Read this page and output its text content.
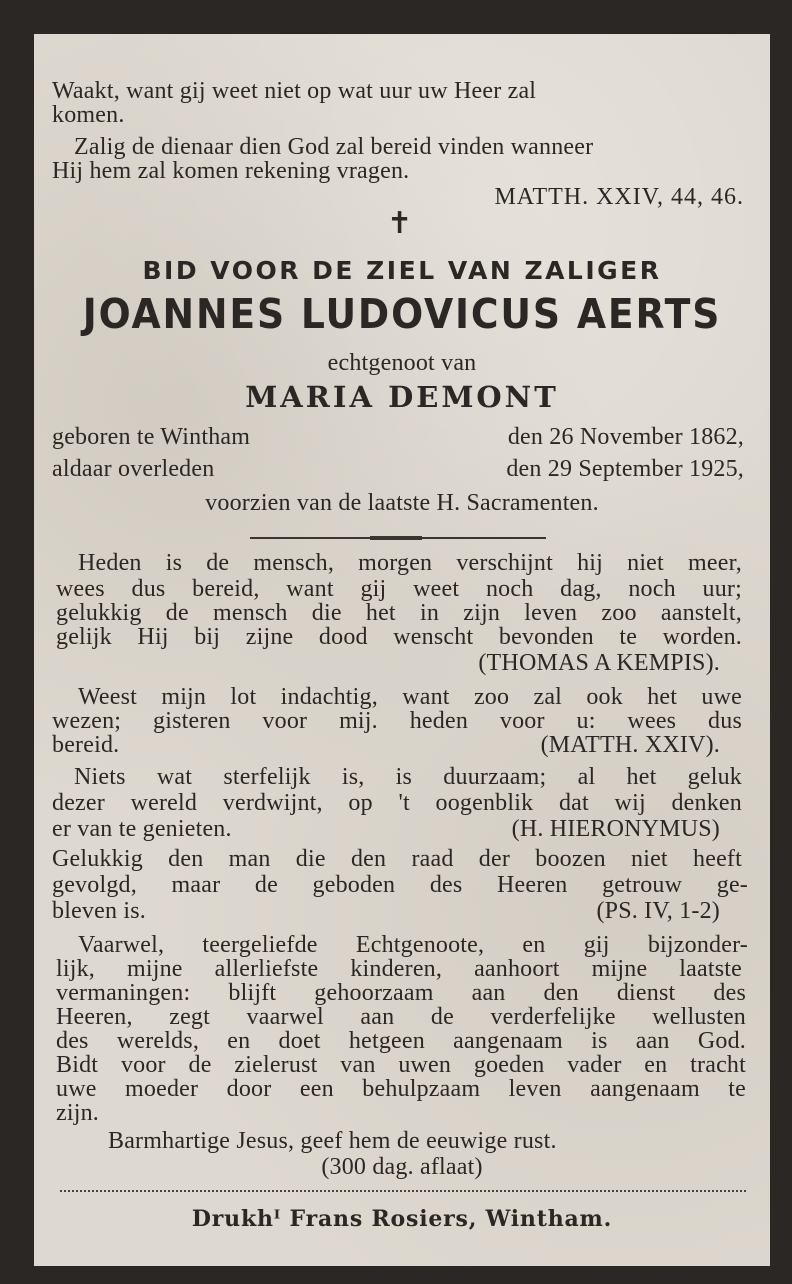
Waakt, want gij weet niet op wat uur uw Heer zal
komen.
Zalig de dienaar dien God zal bereid vinden wanneer
Hij hem zal komen rekening vragen.
MATTH. XXIV, 44, 46.
✝
BID VOOR DE ZIEL VAN ZALIGER
JOANNES LUDOVICUS AERTS
echtgenoot van
MARIA DEMONT
geboren te Wintham	den 26 November 1862,
aldaar overleden	den 29 September 1925,
voorzien van de laatste H. Sacramenten.
Heden is de mensch, morgen verschijnt hij niet meer,
wees dus bereid, want gij weet noch dag, noch uur;
gelukkig de mensch die het in zijn leven zoo aanstelt,
gelijk Hij bij zijne dood wenscht bevonden te worden.
(THOMAS A KEMPIS).
Weest mijn lot indachtig, want zoo zal ook het uwe
wezen; gisteren voor mij. heden voor u: wees dus
bereid.	(MATTH. XXIV).
Niets wat sterfelijk is, is duurzaam; al het geluk
dezer wereld verdwijnt, op 't oogenblik dat wij denken
er van te genieten.	(H. HIERONYMUS)
Gelukkig den man die den raad der boozen niet heeft
gevolgd, maar de geboden des Heeren getrouw ge-
bleven is.	(PS. IV, 1-2)
Vaarwel, teergeliefde Echtgenoote, en gij bijzonder-
lijk, mijne allerliefste kinderen, aanhoort mijne laatste
vermaningen: blijft gehoorzaam aan den dienst des
Heeren, zegt vaarwel aan de verderfelijke wellusten
des werelds, en doet hetgeen aangenaam is aan God.
Bidt voor de zielerust van uwen goeden vader en tracht
uwe moeder door een behulpzaam leven aangenaam te
zijn.
Barmhartige Jesus, geef hem de eeuwige rust.
(300 dag. aflaat)
Drukhᴵ Frans Rosiers, Wintham.
